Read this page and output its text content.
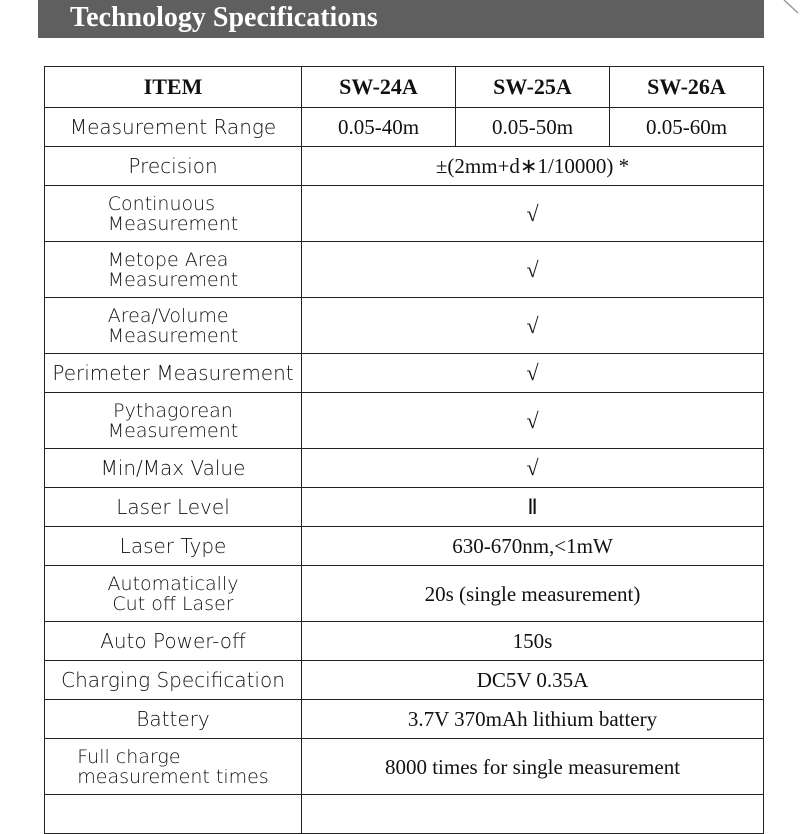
Technology Specifications
ITEM	SW-24A	SW-25A	SW-26A
Measurement Range	0.05-40m	0.05-50m	0.05-60m
Precision	±(2mm+d∗1/10000) *		
Continuous
Measurement	√		
Metope Area
Measurement	√		
Area/Volume
Measurement	√		
Perimeter Measurement	√		
Pythagorean
Measurement	√		
Min/Max Value	√		
Laser Level	Ⅱ		
Laser Type	630-670nm,<1mW		
Automatically
Cut off Laser	20s (single measurement)		
Auto Power-off	150s		
Charging Specification	DC5V 0.35A		
Battery	3.7V 370mAh lithium battery		
Full charge
measurement times	8000 times for single measurement		
